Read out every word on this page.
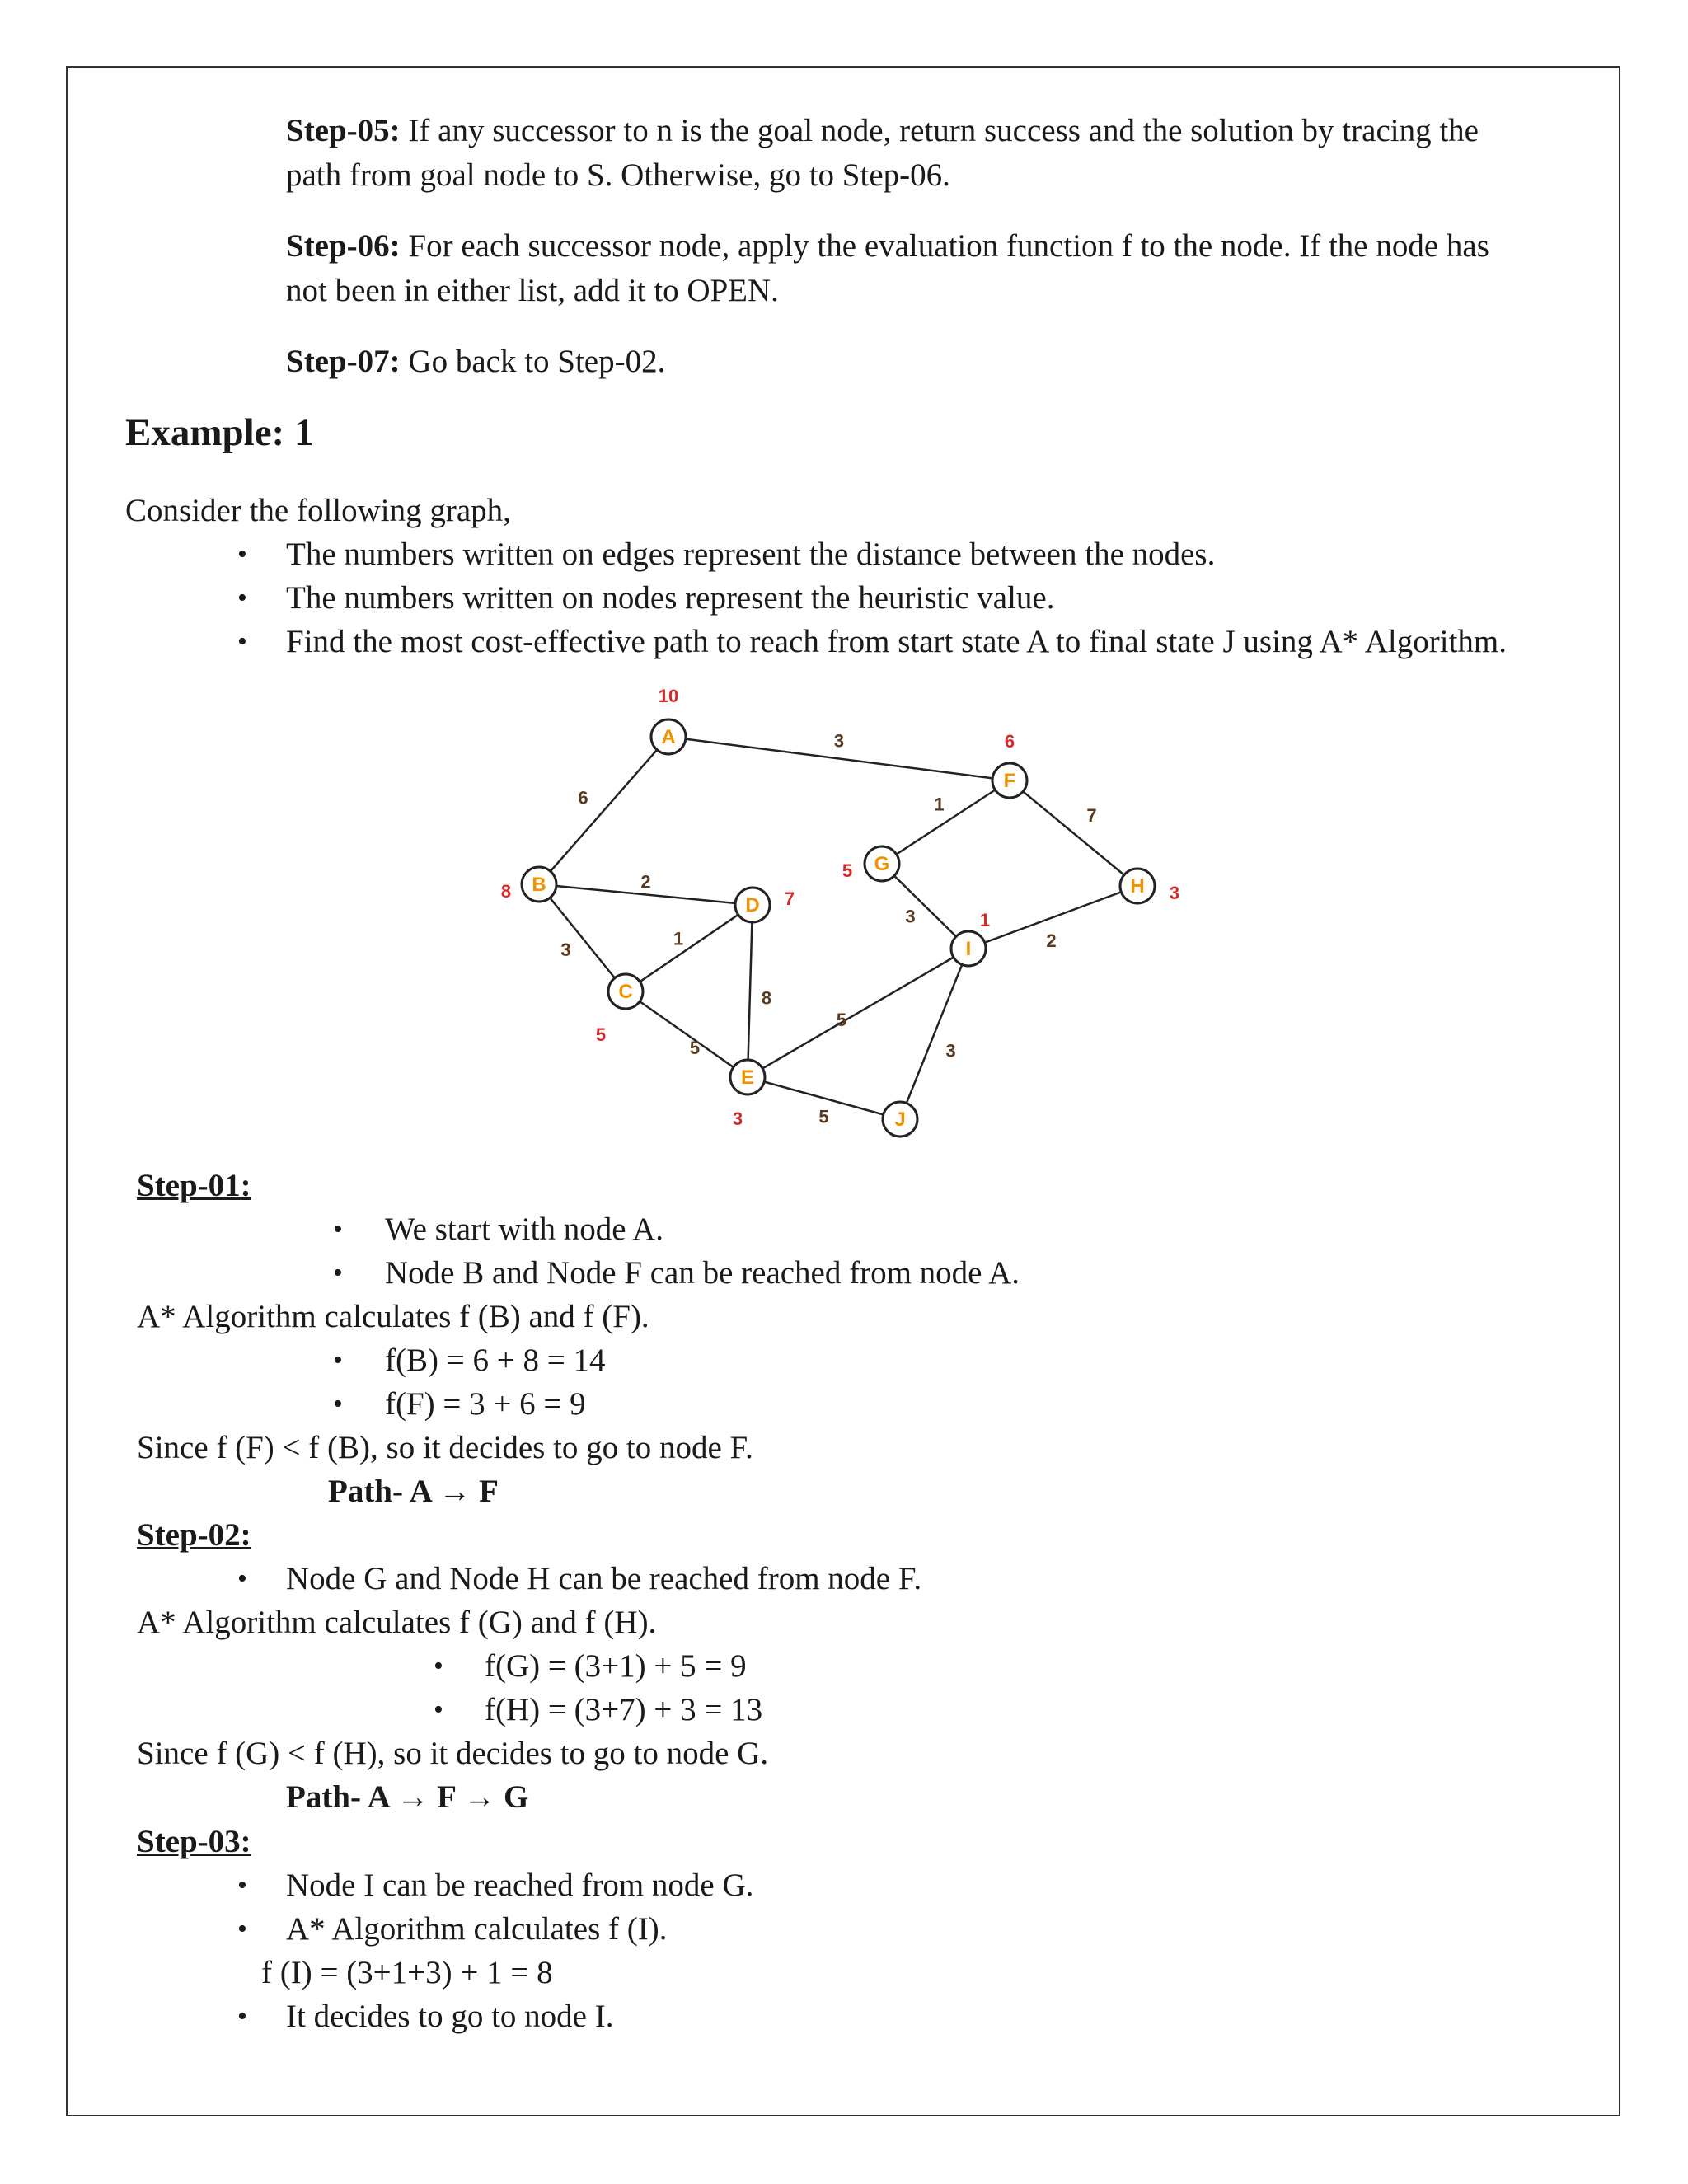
Step-05: If any successor to n is the goal node, return success and the solution by tracing the
path from goal node to S. Otherwise, go to Step-06.
Step-06: For each successor node, apply the evaluation function f to the node. If the node has
not been in either list, add it to OPEN.
Step-07: Go back to Step-02.
Example: 1
Consider the following graph,
• The numbers written on edges represent the distance between the nodes.
• The numbers written on nodes represent the heuristic value.
• Find the most cost-effective path to reach from start state A to final state J using A* Algorithm.
3
6
2
3
1
5
8
1
7
3
2
5
3
5
A
B
C
D
E
F
G
H
I
J
10
8
5
7
3
6
5
3
1
Step-01:
• We start with node A.
• Node B and Node F can be reached from node A.
A* Algorithm calculates f (B) and f (F).
• f(B) = 6 + 8 = 14
• f(F) = 3 + 6 = 9
Since f (F) < f (B), so it decides to go to node F.
Path- A → F
Step-02:
• Node G and Node H can be reached from node F.
A* Algorithm calculates f (G) and f (H).
• f(G) = (3+1) + 5 = 9
• f(H) = (3+7) + 3 = 13
Since f (G) < f (H), so it decides to go to node G.
Path- A → F → G
Step-03:
• Node I can be reached from node G.
• A* Algorithm calculates f (I).
f (I) = (3+1+3) + 1 = 8
• It decides to go to node I.
